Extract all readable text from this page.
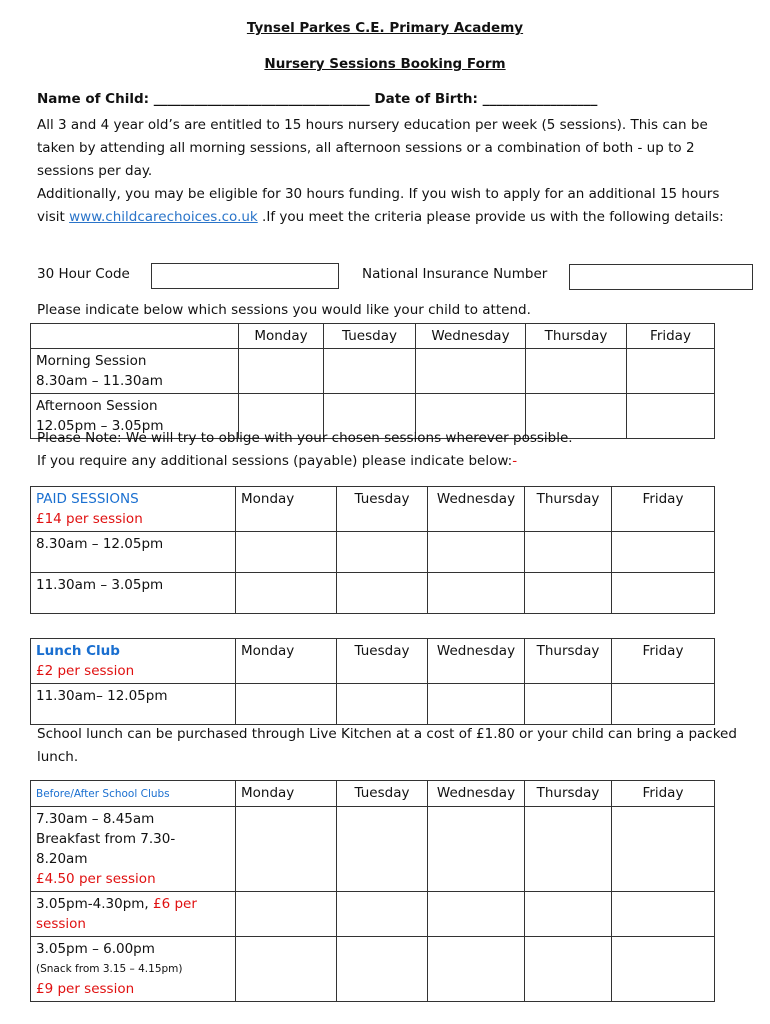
Tynsel Parkes C.E. Primary Academy
Nursery Sessions Booking Form
Name of Child: ________________________________ Date of Birth: _________________
All 3 and 4 year old’s are entitled to 15 hours nursery education per week (5 sessions). This can be taken by attending all morning sessions, all afternoon sessions or a combination of both - up to 2 sessions per day.
Additionally, you may be eligible for 30 hours funding. If you wish to apply for an additional 15 hours visit www.childcarechoices.co.uk .If you meet the criteria please provide us with the following details:
30 Hour Code	National Insurance Number
Please indicate below which sessions you would like your child to attend.
	Monday	Tuesday	Wednesday	Thursday	Friday

Morning Session
8.30am – 11.30am					

Afternoon Session
12.05pm – 3.05pm					

Please Note: We will try to oblige with your chosen sessions wherever possible.
If you require any additional sessions (payable) please indicate below:-
PAID SESSIONS
£14 per session	Monday	Tuesday	Wednesday	Thursday	Friday
8.30am – 12.05pm					
11.30am – 3.05pm					
Lunch Club
£2 per session	Monday	Tuesday	Wednesday	Thursday	Friday
11.30am– 12.05pm					
School lunch can be purchased through Live Kitchen at a cost of £1.80 or your child can bring a packed lunch.
Before/After School Clubs	Monday	Tuesday	Wednesday	Thursday	Friday

7.30am – 8.45am
Breakfast from 7.30-
8.20am
£4.50 per session					

3.05pm-4.30pm, £6 per session					

3.05pm – 6.00pm
(Snack from 3.15 – 4.15pm)
£9 per session					
